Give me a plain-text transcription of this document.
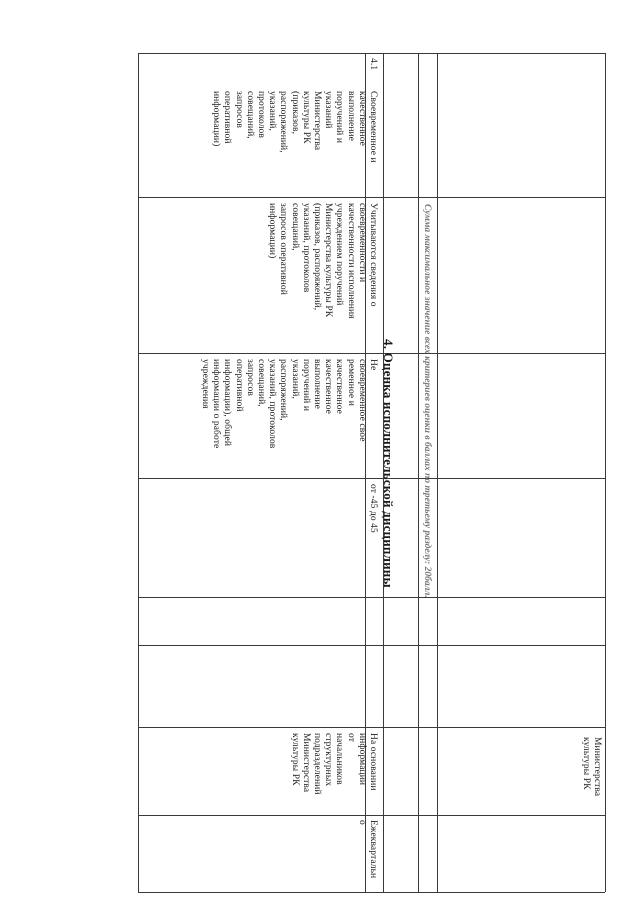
Министерства
культуры РК
Сумма максимальное значение всех критериев оценки в баллах по третьему разделу: 20балл.
4. Оценка исполнительской дисциплины
4.1
Своевременное и
качественное
выполнение
поручений и
указаний
Министерства
культуры РК
(приказов,
распоряжений,
указаний,
протоколов
совещаний,
запросов
оперативной
информации)
Учитываются сведения о
своевременности и
качественности исполнения
учреждением поручений
Министерства культуры РК
(приказов, распоряжений,
указаний, протоколов
совещаний,
запросов оперативной
информации)
Не
своевременное свое
ременное и
качественное
качественное
выполнение
поручений и
указаний,
распоряжений,
указаний, протоколов
совещаний,
запросов
оперативной
информации), общей
информации о работе
учреждения
от -45 до 45
На основании
информации
от
начальников
структурных
подразделений
Министерства
культуры РК
Ежеквартальн
о
